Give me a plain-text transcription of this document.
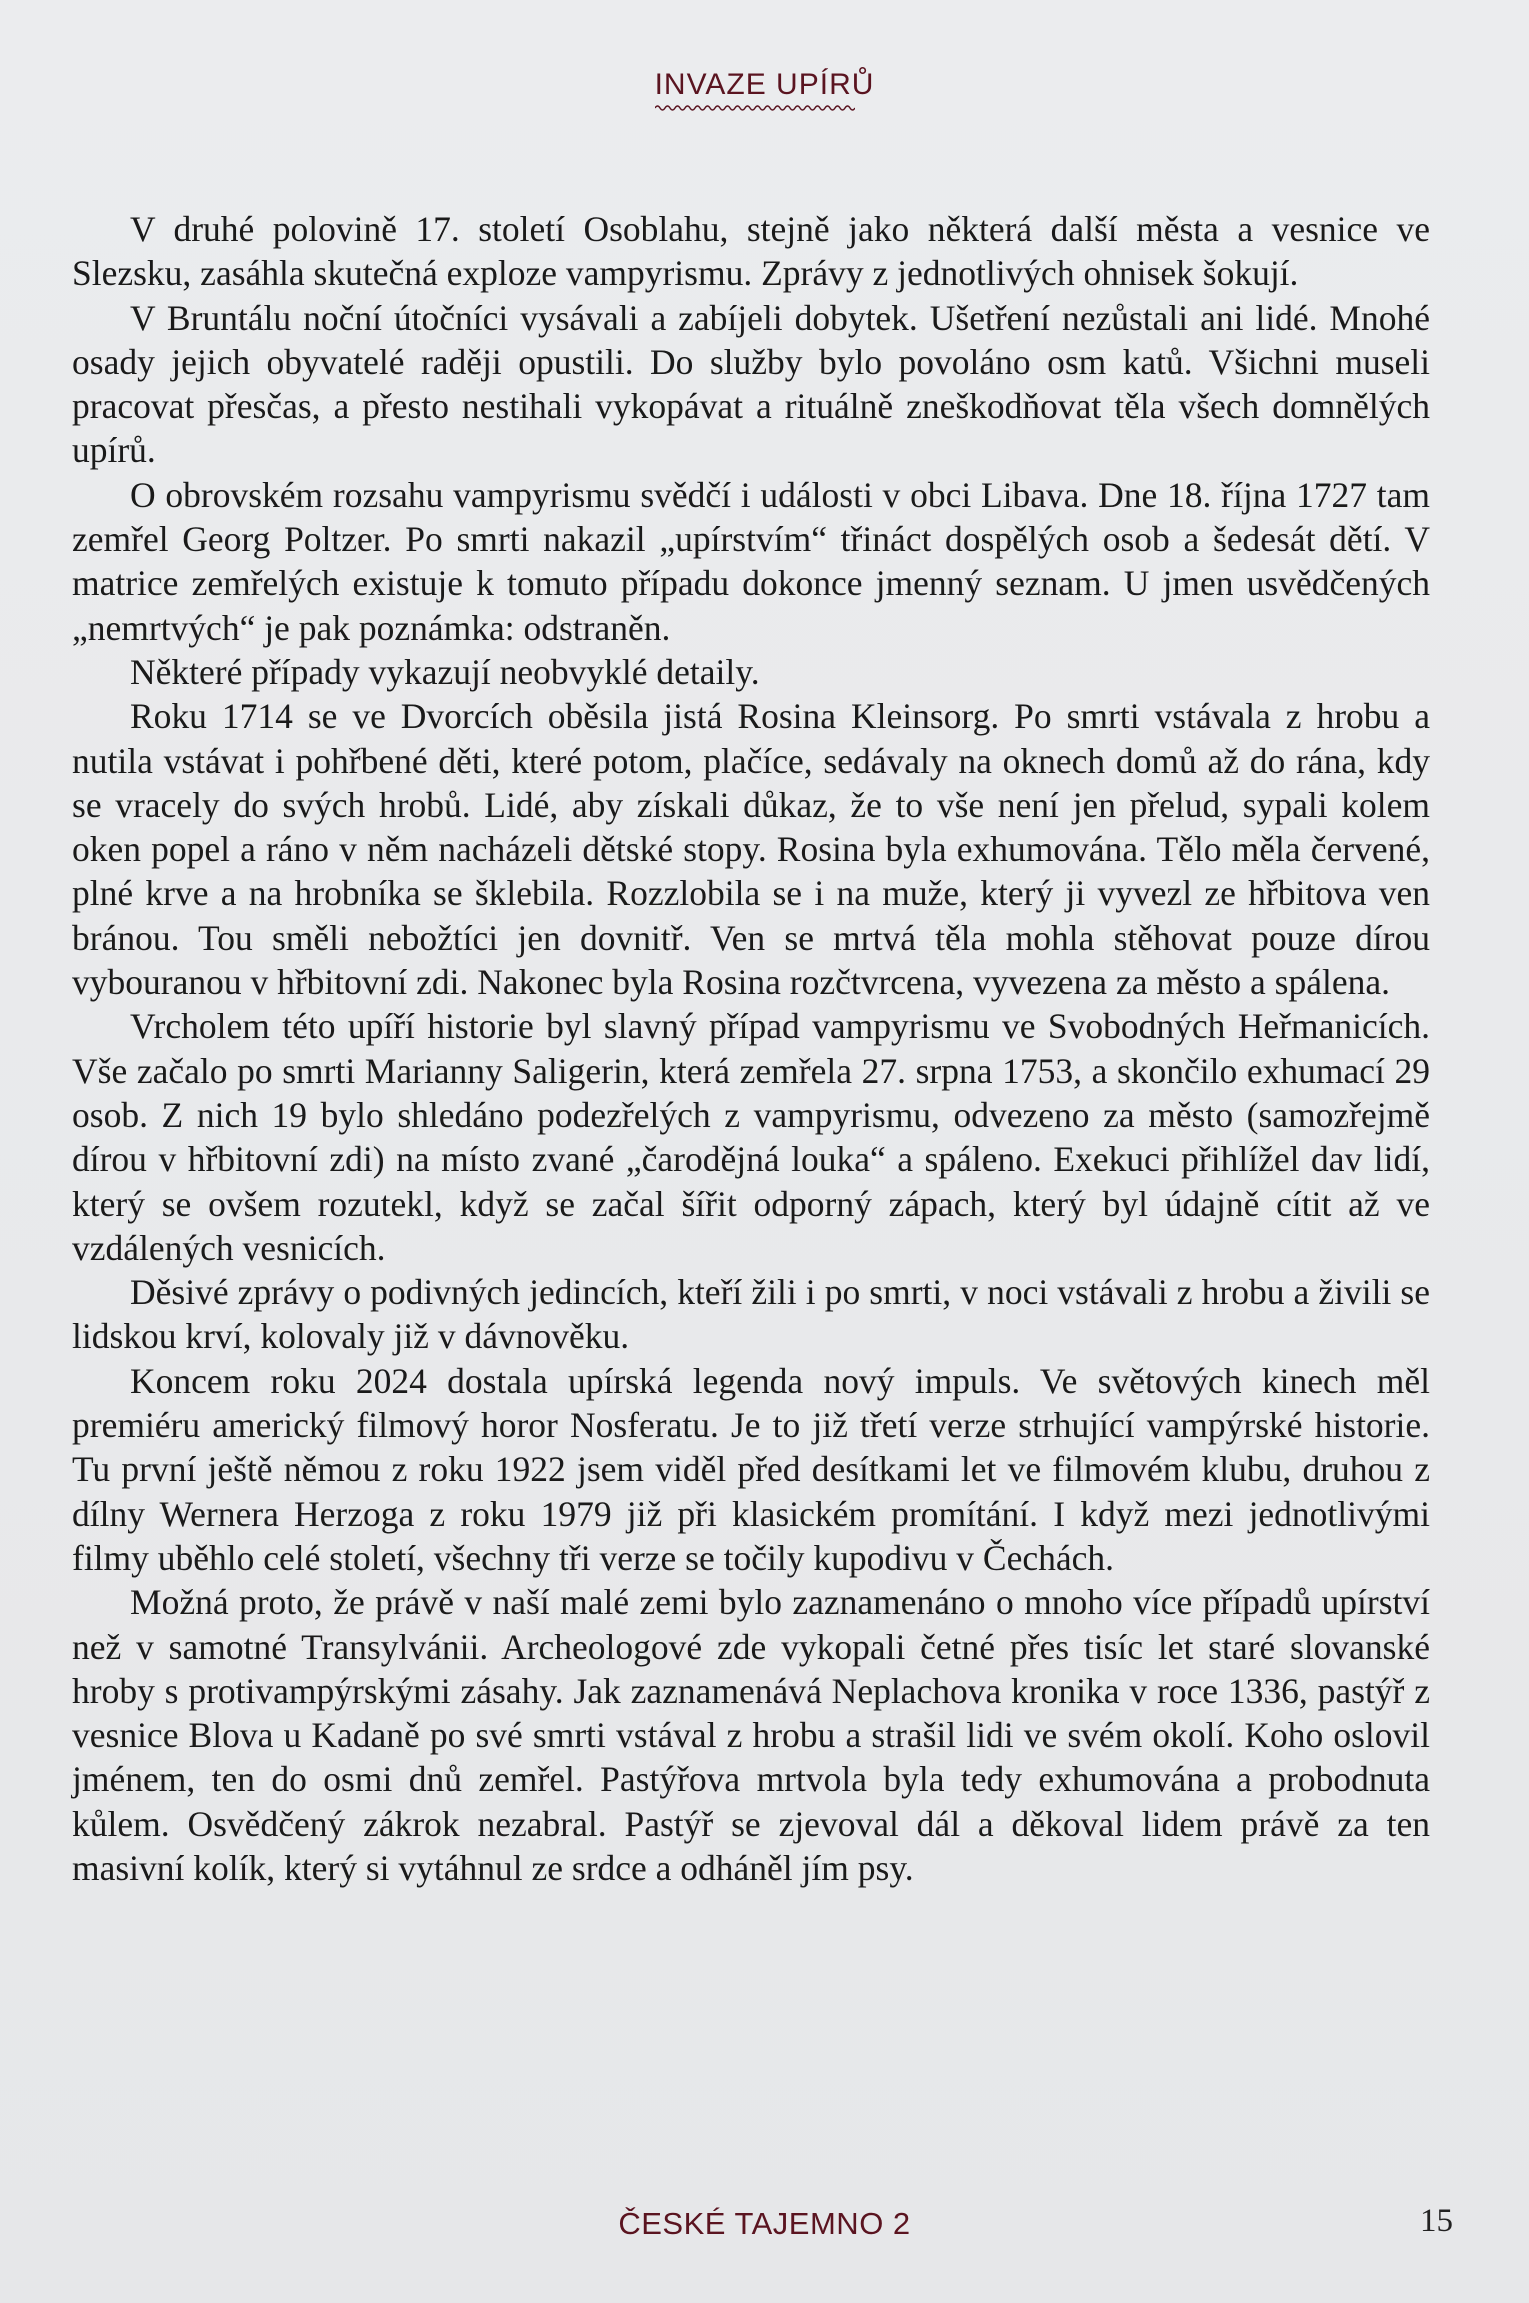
INVAZE UPÍRŮ

V druhé polovině 17. století Osoblahu, stejně jako některá další města a vesnice ve Slezsku, zasáhla skutečná exploze vampyrismu. Zprávy z jednotlivých ohnisek šokují.

V Bruntálu noční útočníci vysávali a zabíjeli dobytek. Ušetření nezůstali ani lidé. Mnohé osady jejich obyvatelé raději opustili. Do služby bylo povoláno osm katů. Všichni museli pracovat přesčas, a přesto nestihali vykopávat a rituálně zneškodňovat těla všech domnělých upírů.

O obrovském rozsahu vampyrismu svědčí i události v obci Libava. Dne 18. října 1727 tam zemřel Georg Poltzer. Po smrti nakazil „upírstvím“ třináct dospělých osob a šedesát dětí. V matrice zemřelých existuje k tomuto případu dokonce jmenný seznam. U jmen usvědčených „nemrtvých“ je pak poznámka: odstraněn.

Některé případy vykazují neobvyklé detaily.

Roku 1714 se ve Dvorcích oběsila jistá Rosina Kleinsorg. Po smrti vstávala z hrobu a nutila vstávat i pohřbené děti, které potom, plačíce, sedávaly na oknech domů až do rána, kdy se vracely do svých hrobů. Lidé, aby získali důkaz, že to vše není jen přelud, sypali kolem oken popel a ráno v něm nacházeli dětské stopy. Rosina byla exhumována. Tělo měla červené, plné krve a na hrobníka se šklebila. Rozzlobila se i na muže, který ji vyvezl ze hřbitova ven bránou. Tou směli nebožtíci jen dovnitř. Ven se mrtvá těla mohla stěhovat pouze dírou vybouranou v hřbitovní zdi. Nakonec byla Rosina rozčtvrcena, vyvezena za město a spálena.

Vrcholem této upíří historie byl slavný případ vampyrismu ve Svobodných Heřmanicích. Vše začalo po smrti Marianny Saligerin, která zemřela 27. srpna 1753, a skončilo exhumací 29 osob. Z nich 19 bylo shledáno podezřelých z vampyrismu, odvezeno za město (samozřejmě dírou v hřbitovní zdi) na místo zvané „čarodějná louka“ a spáleno. Exekuci přihlížel dav lidí, který se ovšem rozutekl, když se začal šířit odporný zápach, který byl údajně cítit až ve vzdálených vesnicích.

Děsivé zprávy o podivných jedincích, kteří žili i po smrti, v noci vstávali z hrobu a živili se lidskou krví, kolovaly již v dávnověku.

Koncem roku 2024 dostala upírská legenda nový impuls. Ve světových kinech měl premiéru americký filmový horor Nosferatu. Je to již třetí verze strhující vampýrské historie. Tu první ještě němou z roku 1922 jsem viděl před desítkami let ve filmovém klubu, druhou z dílny Wernera Herzoga z roku 1979 již při klasickém promítání. I když mezi jednotlivými filmy uběhlo celé století, všechny tři verze se točily kupodivu v Čechách.

Možná proto, že právě v naší malé zemi bylo zaznamenáno o mnoho více případů upírství než v samotné Transylvánii. Archeologové zde vykopali četné přes tisíc let staré slovanské hroby s protivampýrskými zásahy. Jak zaznamenává Neplachova kronika v roce 1336, pastýř z vesnice Blova u Kadaně po své smrti vstával z hrobu a strašil lidi ve svém okolí. Koho oslovil jménem, ten do osmi dnů zemřel. Pastýřova mrtvola byla tedy exhumována a probodnuta kůlem. Osvědčený zákrok nezabral. Pastýř se zjevoval dál a děkoval lidem právě za ten masivní kolík, který si vytáhnul ze srdce a odháněl jím psy.

ČESKÉ TAJEMNO 2	15
